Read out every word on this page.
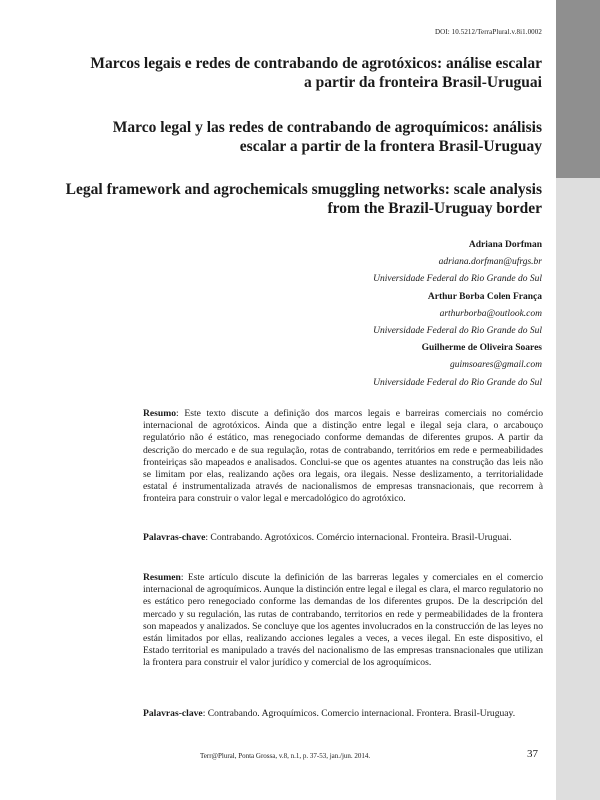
DOI: 10.5212/TerraPlural.v.8i1.0002
Marcos legais e redes de contrabando de agrotóxicos: análise escalar a partir da fronteira Brasil-Uruguai
Marco legal y las redes de contrabando de agroquímicos: análisis escalar a partir de la frontera Brasil-Uruguay
Legal framework and agrochemicals smuggling networks: scale analysis from the Brazil-Uruguay border
Adriana Dorfman
adriana.dorfman@ufrgs.br
Universidade Federal do Rio Grande do Sul
Arthur Borba Colen França
arthurborba@outlook.com
Universidade Federal do Rio Grande do Sul
Guilherme de Oliveira Soares
guimsoares@gmail.com
Universidade Federal do Rio Grande do Sul

Resumo: Este texto discute a definição dos marcos legais e barreiras comerciais no comércio internacional de agrotóxicos. Ainda que a distinção entre legal e ilegal seja clara, o arcabouço regulatório não é estático, mas renegociado conforme demandas de diferentes grupos. A partir da descrição do mercado e de sua regulação, rotas de contrabando, territórios em rede e permeabilidades fronteiriças são mapeados e analisados. Conclui-se que os agentes atuantes na construção das leis não se limitam por elas, realizando ações ora legais, ora ilegais. Nesse deslizamento, a territorialidade estatal é instrumentalizada através de nacionalismos de empresas transnacionais, que recorrem à fronteira para construir o valor legal e mercadológico do agrotóxico.

Palavras-chave: Contrabando. Agrotóxicos. Comércio internacional. Fronteira. Brasil-Uruguai.

Resumen: Este artículo discute la definición de las barreras legales y comerciales en el comercio internacional de agroquímicos. Aunque la distinción entre legal e ilegal es clara, el marco regulatorio no es estático pero renegociado conforme las demandas de los diferentes grupos. De la descripción del mercado y su regulación, las rutas de contrabando, territorios en rede y permeabilidades de la frontera son mapeados y analizados. Se concluye que los agentes involucrados en la construcción de las leyes no están limitados por ellas, realizando acciones legales a veces, a veces ilegal. En este dispositivo, el Estado territorial es manipulado a través del nacionalismo de las empresas transnacionales que utilizan la frontera para construir el valor jurídico y comercial de los agroquímicos.

Palavras-clave: Contrabando. Agroquímicos. Comercio internacional. Frontera. Brasil-Uruguay.

Terr@Plural, Ponta Grossa, v.8, n.1, p. 37-53, jan./jun. 2014.	37
